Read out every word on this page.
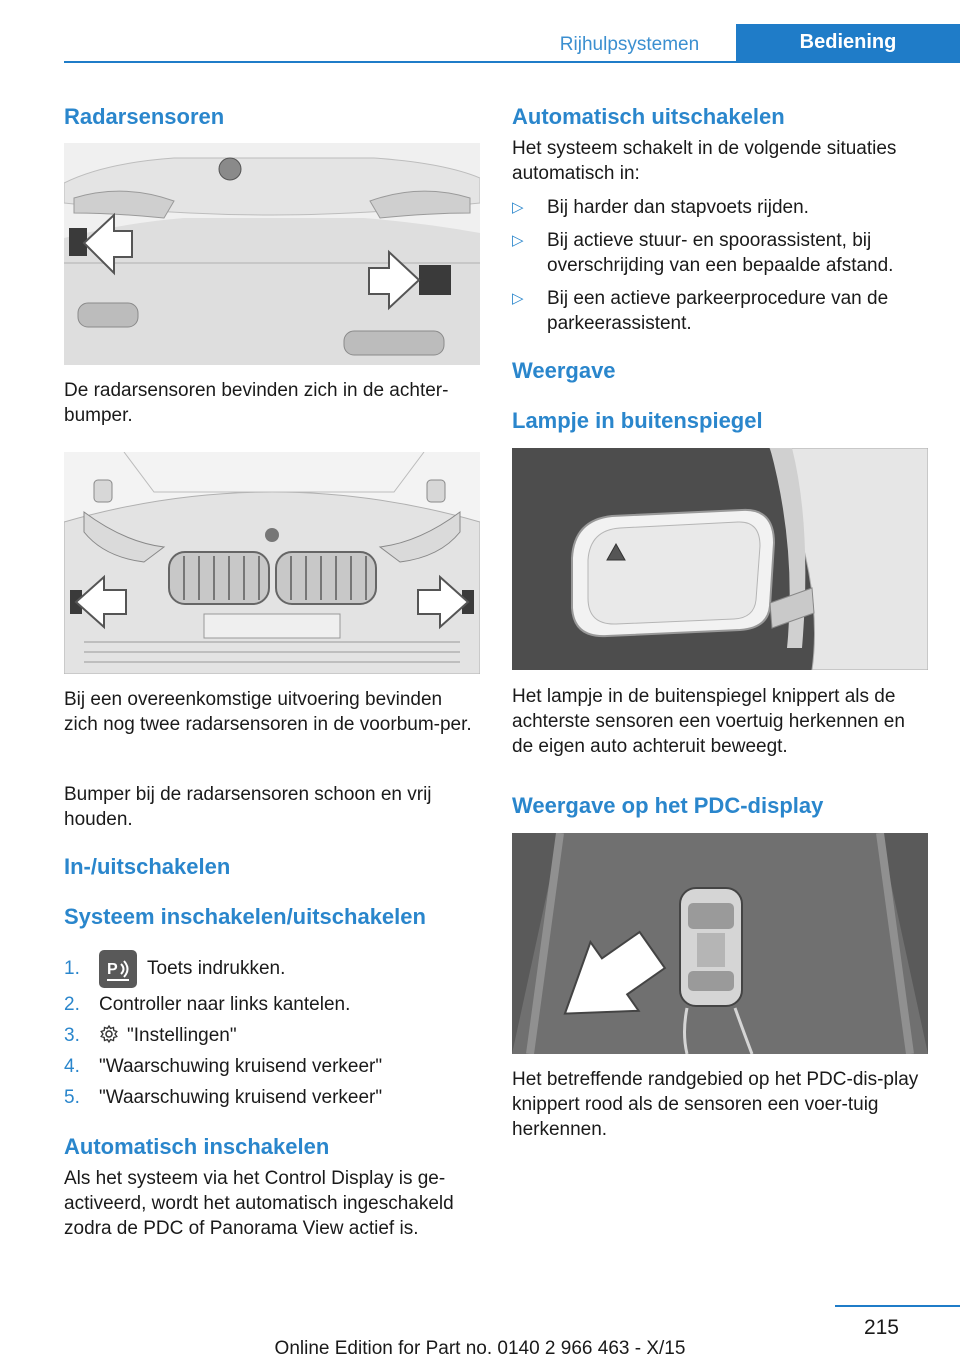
Rijhulpsystemen	Bediening
Radarsensoren

De radarsensoren bevinden zich in de achter-bumper.

Bij een overeenkomstige uitvoering bevinden zich nog twee radarsensoren in de voorbum-per.

Bumper bij de radarsensoren schoon en vrij houden.

In-/uitschakelen
Systeem inschakelen/uitschakelen
1. P Toets indrukken.
2. Controller naar links kantelen.
3. "Instellingen"
4. "Waarschuwing kruisend verkeer"
5. "Waarschuwing kruisend verkeer"
Automatisch inschakelen

Als het systeem via het Control Display is ge-activeerd, wordt het automatisch ingeschakeld zodra de PDC of Panorama View actief is.

Automatisch uitschakelen

Het systeem schakelt in de volgende situaties automatisch in:

▷ Bij harder dan stapvoets rijden.
▷ Bij actieve stuur- en spoorassistent, bij overschrijding van een bepaalde afstand.
▷ Bij een actieve parkeerprocedure van de parkeerassistent.
Weergave
Lampje in buitenspiegel

Het lampje in de buitenspiegel knippert als de achterste sensoren een voertuig herkennen en de eigen auto achteruit beweegt.

Weergave op het PDC-display

Het betreffende randgebied op het PDC-dis-play knippert rood als de sensoren een voer-tuig herkennen.

215
Online Edition for Part no. 0140 2 966 463 - X/15
